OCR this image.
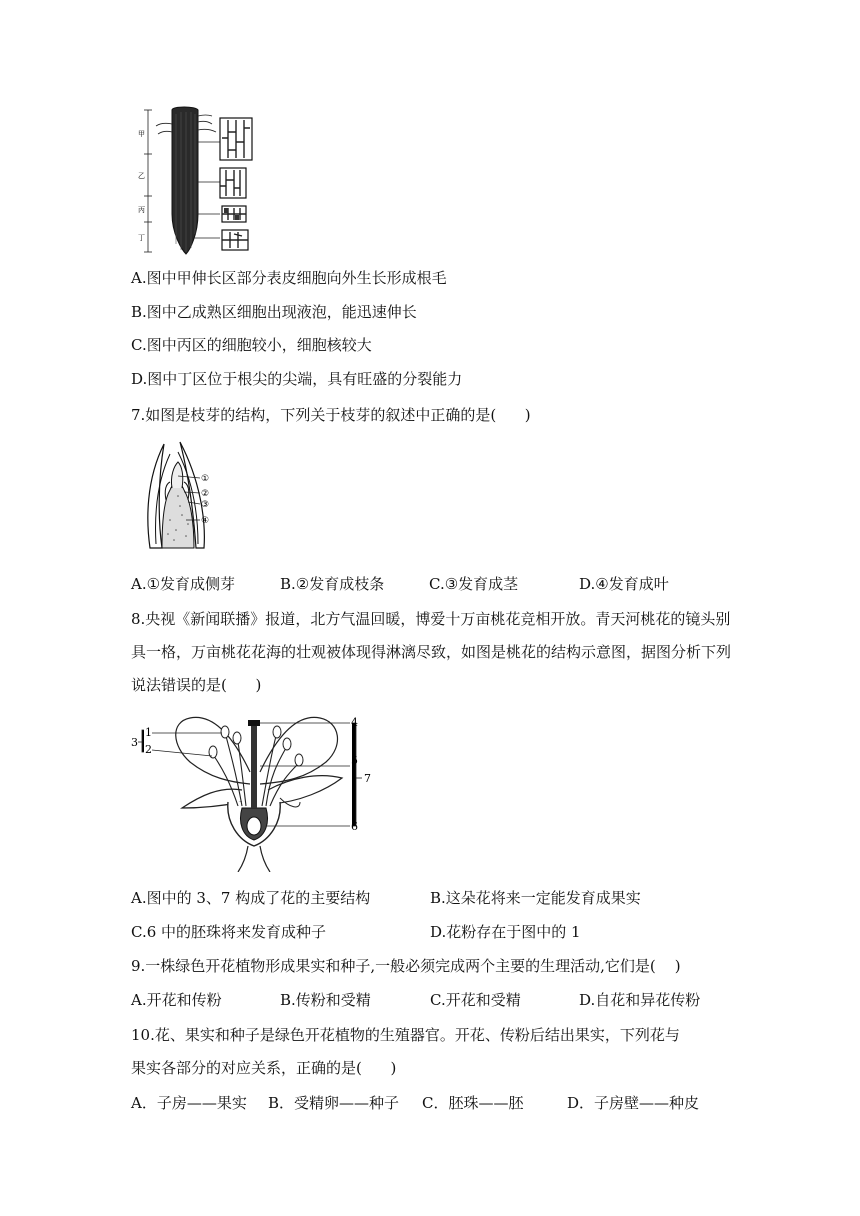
甲
乙
丙
丁
A.图中甲伸长区部分表皮细胞向外生长形成根毛
B.图中乙成熟区细胞出现液泡，能迅速伸长
C.图中丙区的细胞较小，细胞核较大
D.图中丁区位于根尖的尖端，具有旺盛的分裂能力
7.如图是枝芽的结构，下列关于枝芽的叙述中正确的是(      )
①
②
③
④
A.①发育成侧芽	B.②发育成枝条	C.③发育成茎	D.④发育成叶
8.央视《新闻联播》报道，北方气温回暖，博爱十万亩桃花竞相开放。青天河桃花的镜头别
具一格，万亩桃花花海的壮观被体现得淋漓尽致，如图是桃花的结构示意图，据图分析下列
说法错误的是(      )
1
2
3
4
5
6
7
A.图中的 3、7 构成了花的主要结构	B.这朵花将来一定能发育成果实
C.6 中的胚珠将来发育成种子	D.花粉存在于图中的 1
9.一株绿色开花植物形成果实和种子,一般必须完成两个主要的生理活动,它们是(    )
A.开花和传粉	B.传粉和受精	C.开花和受精	D.自花和异花传粉
10.花、果实和种子是绿色开花植物的生殖器官。开花、传粉后结出果实，下列花与
果实各部分的对应关系，正确的是(      )
A．子房——果实 B．受精卵——种子 C．胚珠——胚	D．子房壁——种皮
